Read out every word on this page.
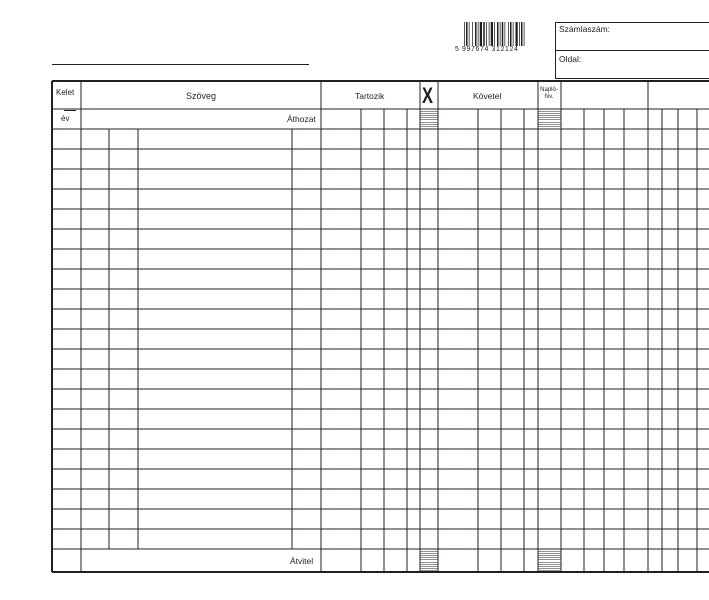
5 997674 312124
Számlaszám:
Oldal:
Kelet
év
Szöveg
Áthozat
Tartozik X	Követel
Napló-
hiv.
Átvitel
